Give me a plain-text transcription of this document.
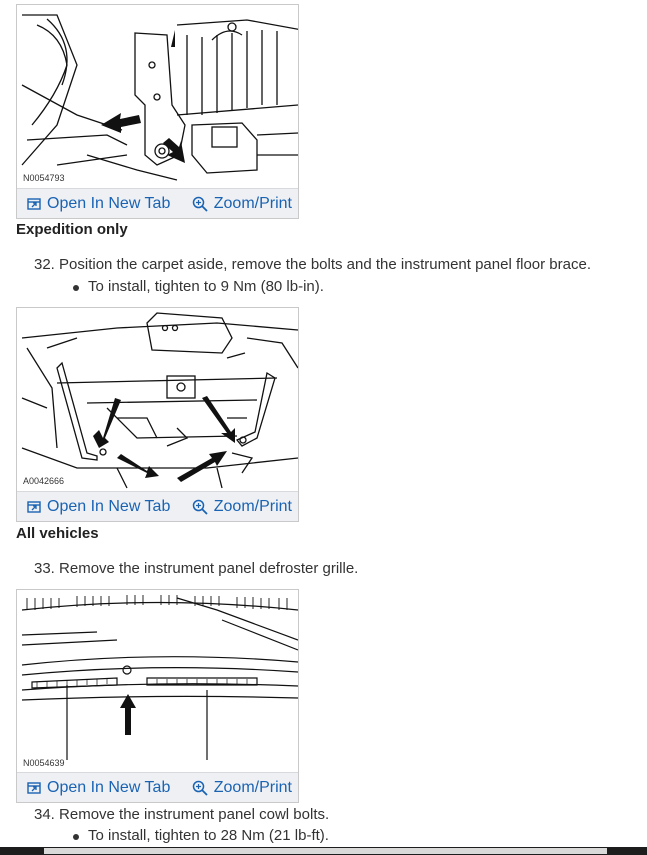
N0054793
Open In New Tab	Zoom/Print
Expedition only
32. Position the carpet aside, remove the bolts and the instrument panel floor brace.
To install, tighten to 9 Nm (80 lb-in).
A0042666
Open In New Tab	Zoom/Print
All vehicles
33. Remove the instrument panel defroster grille.
N0054639
Open In New Tab	Zoom/Print
34. Remove the instrument panel cowl bolts.
To install, tighten to 28 Nm (21 lb-ft).
